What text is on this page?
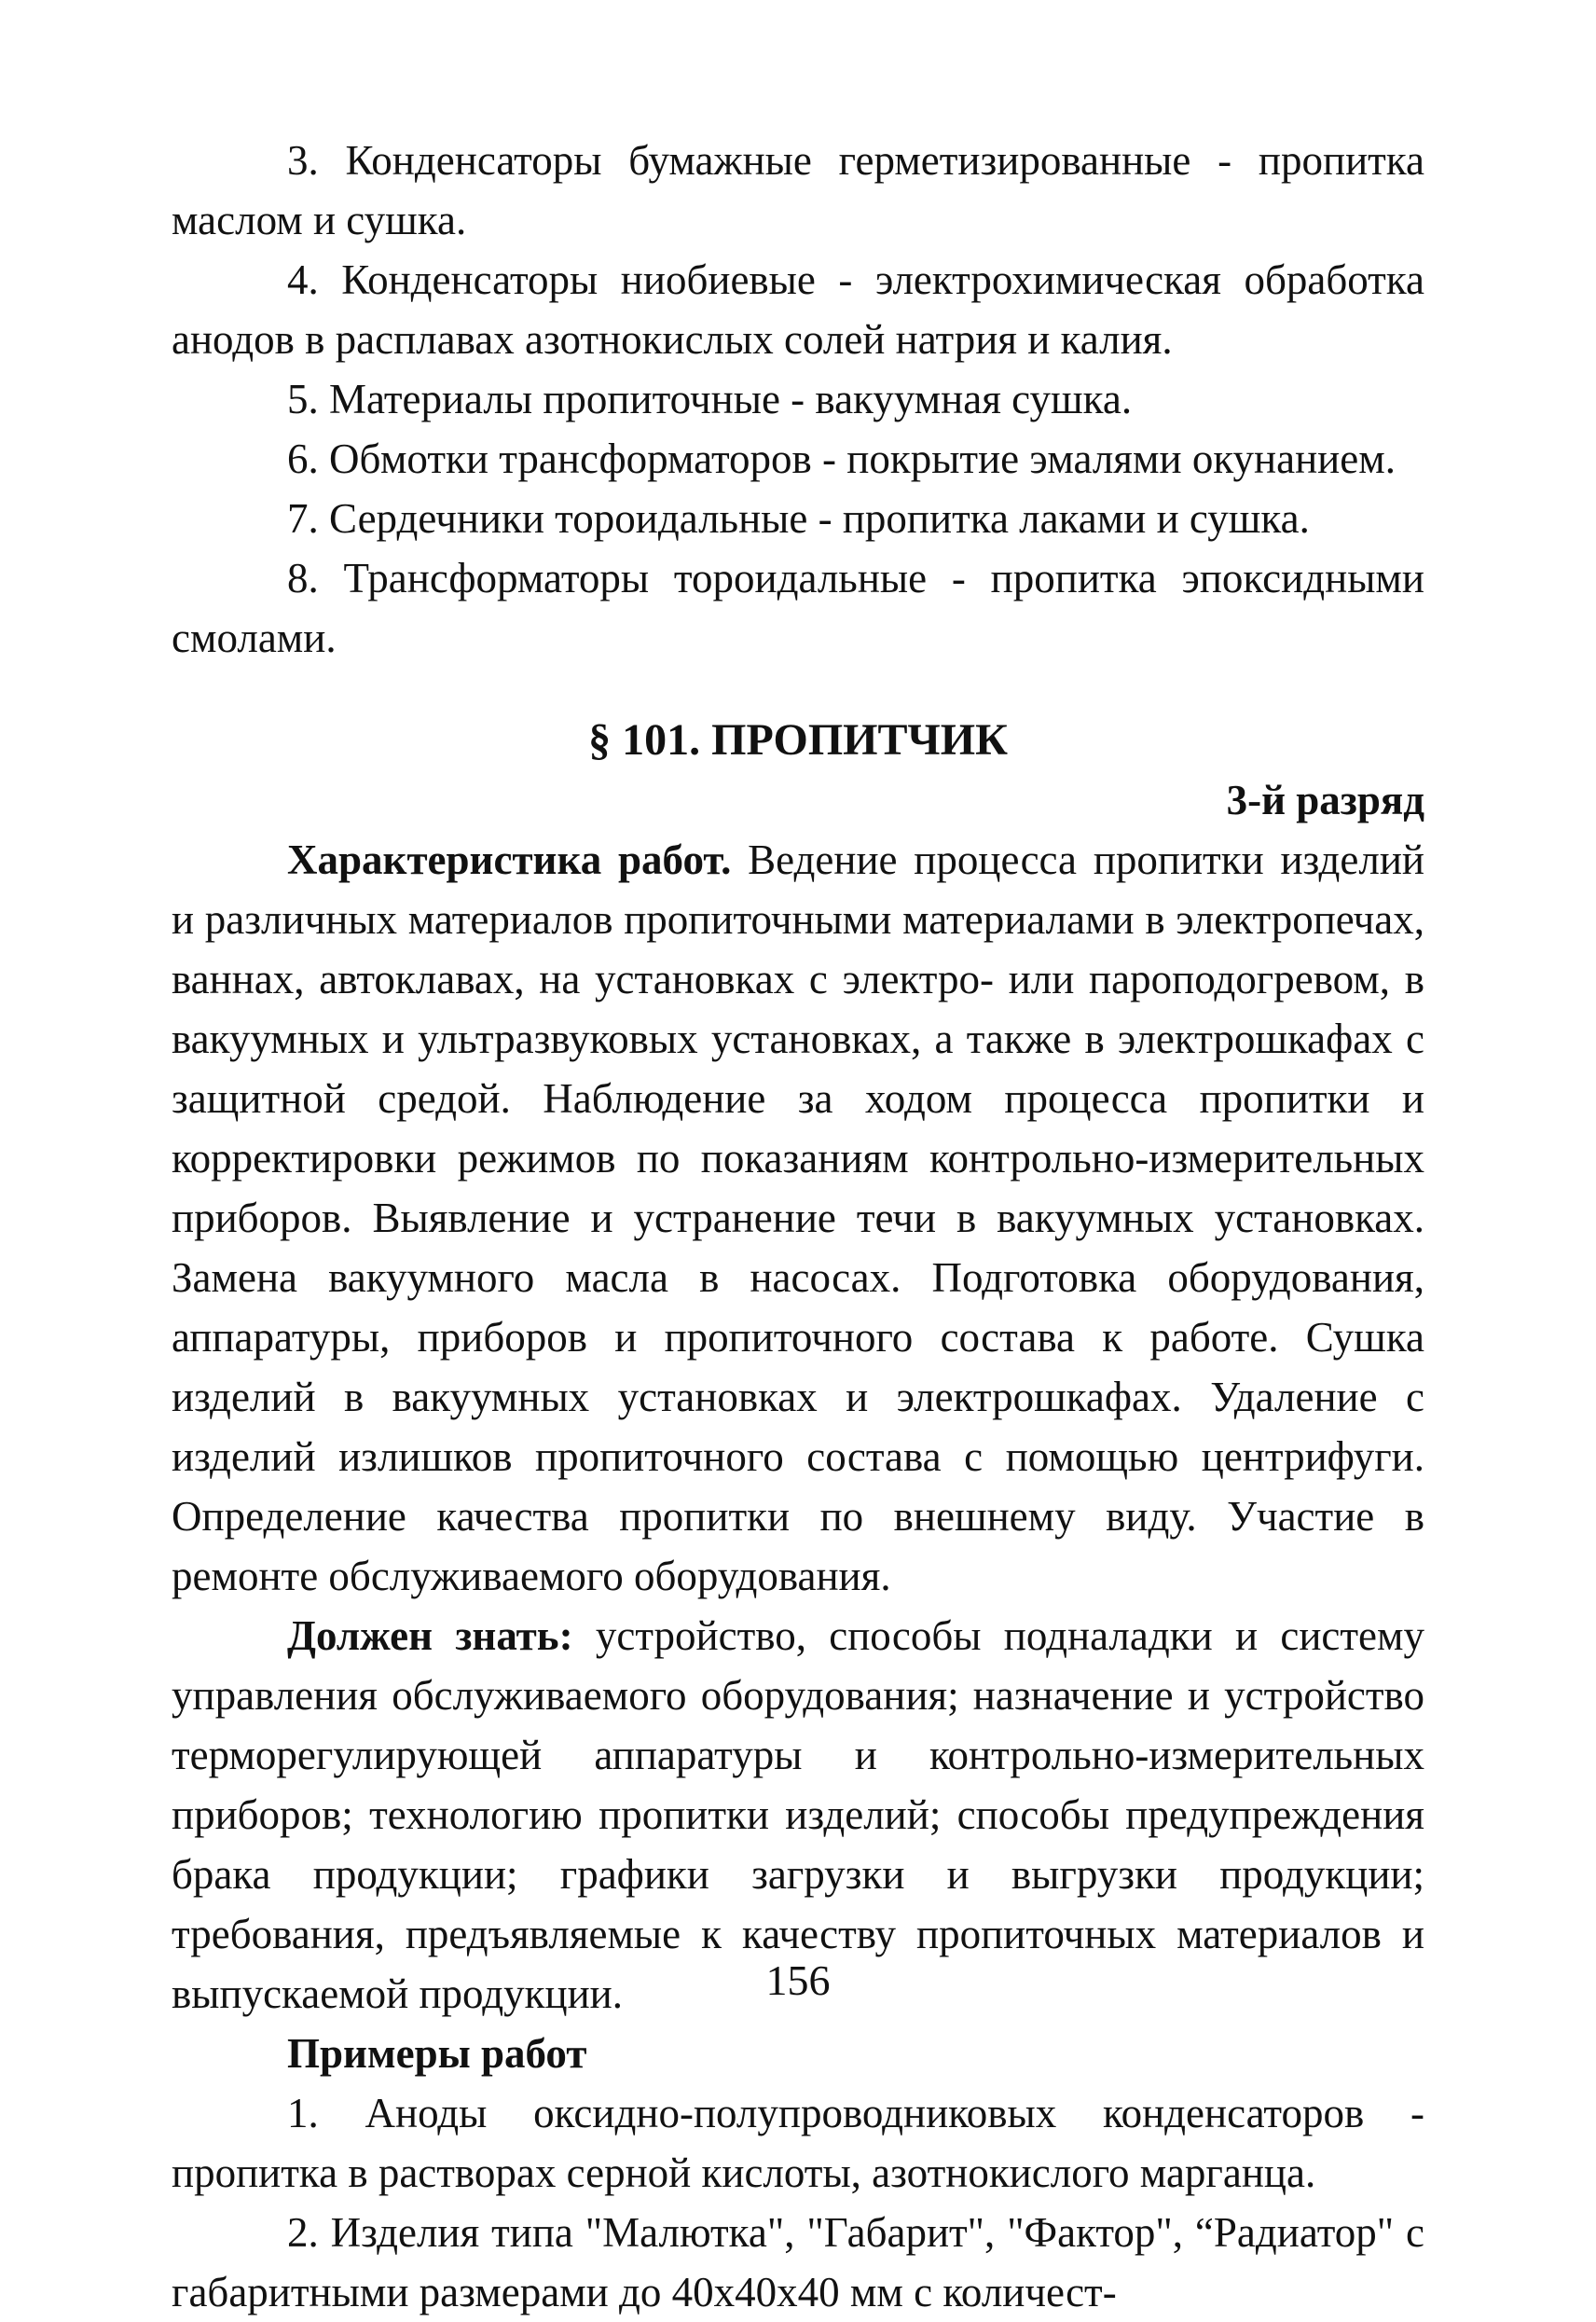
3. Конденсаторы бумажные герметизированные - пропитка маслом и сушка.

4. Конденсаторы ниобиевые - электрохимическая обработка анодов в расплавах азотнокислых солей натрия и калия.

5. Материалы пропиточные - вакуумная сушка.

6. Обмотки трансформаторов - покрытие эмалями окунанием.

7. Сердечники тороидальные - пропитка лаками и сушка.

8. Трансформаторы тороидальные - пропитка эпоксидными смолами.

§ 101. ПРОПИТЧИК

3-й разряд

Характеристика работ. Ведение процесса пропитки изделий и различных материалов пропиточными материалами в электропечах, ваннах, автоклавах, на установках с электро- или пароподогревом, в вакуумных и ультразвуковых установках, а также в электрошкафах с защитной средой. Наблюдение за ходом процесса пропитки и корректировки режимов по показаниям контрольно-измерительных приборов. Выявление и устранение течи в вакуумных установках. Замена вакуумного масла в насосах. Подготовка оборудования, аппаратуры, приборов и пропиточного состава к работе. Сушка изделий в вакуумных установках и электрошкафах. Удаление с изделий излишков пропиточного состава с помощью центрифуги. Определение качества пропитки по внешнему виду. Участие в ремонте обслуживаемого оборудования.

Должен знать: устройство, способы подналадки и систему управления обслуживаемого оборудования; назначение и устройство терморегулирующей аппаратуры и контрольно-измерительных приборов; технологию пропитки изделий; способы предупреждения брака продукции; графики загрузки и выгрузки продукции; требования, предъявляемые к качеству пропиточных материалов и выпускаемой продукции.

Примеры работ

1. Аноды оксидно-полупроводниковых конденсаторов - пропитка в растворах серной кислоты, азотнокислого марганца.

2. Изделия типа "Малютка", "Габарит", "Фактор", “Радиатор" с габаритными размерами до 40х40х40 мм с количест-

156
